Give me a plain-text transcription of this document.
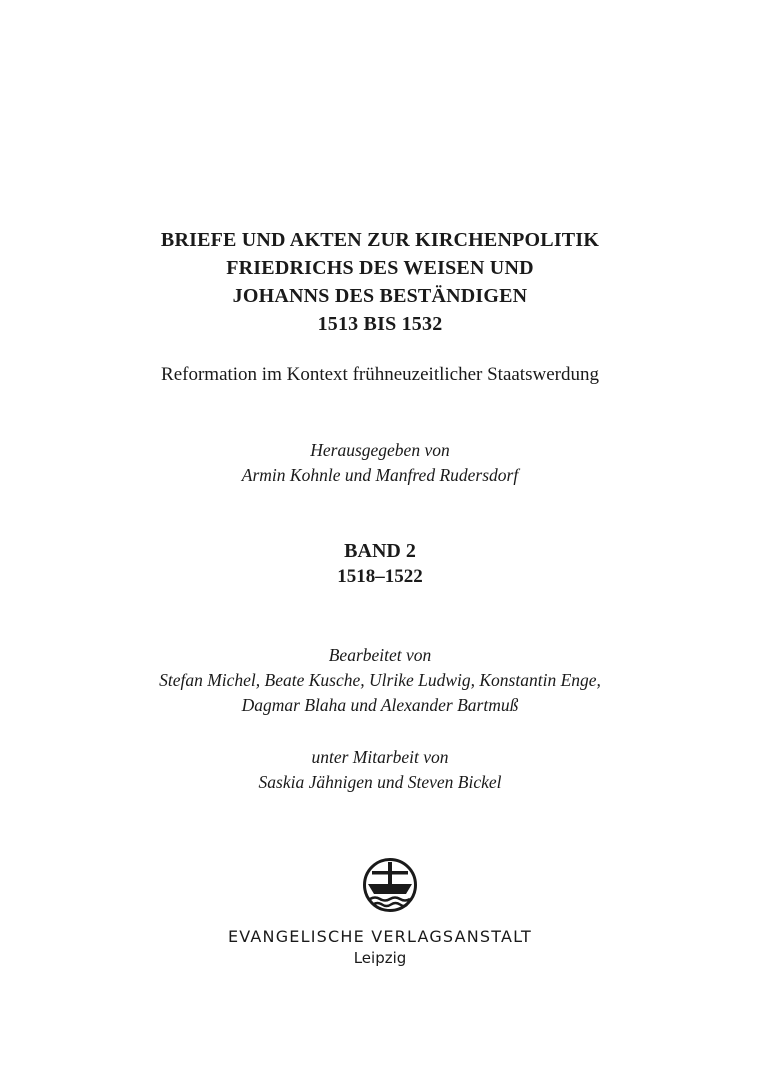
BRIEFE UND AKTEN ZUR KIRCHENPOLITIK
FRIEDRICHS DES WEISEN UND
JOHANNS DES BESTÄNDIGEN
1513 BIS 1532
Reformation im Kontext frühneuzeitlicher Staatswerdung
Herausgegeben von
Armin Kohnle und Manfred Rudersdorf
BAND 2
1518–1522
Bearbeitet von
Stefan Michel, Beate Kusche, Ulrike Ludwig, Konstantin Enge,
Dagmar Blaha und Alexander Bartmuß
unter Mitarbeit von
Saskia Jähnigen und Steven Bickel
EVANGELISCHE VERLAGSANSTALT
Leipzig
